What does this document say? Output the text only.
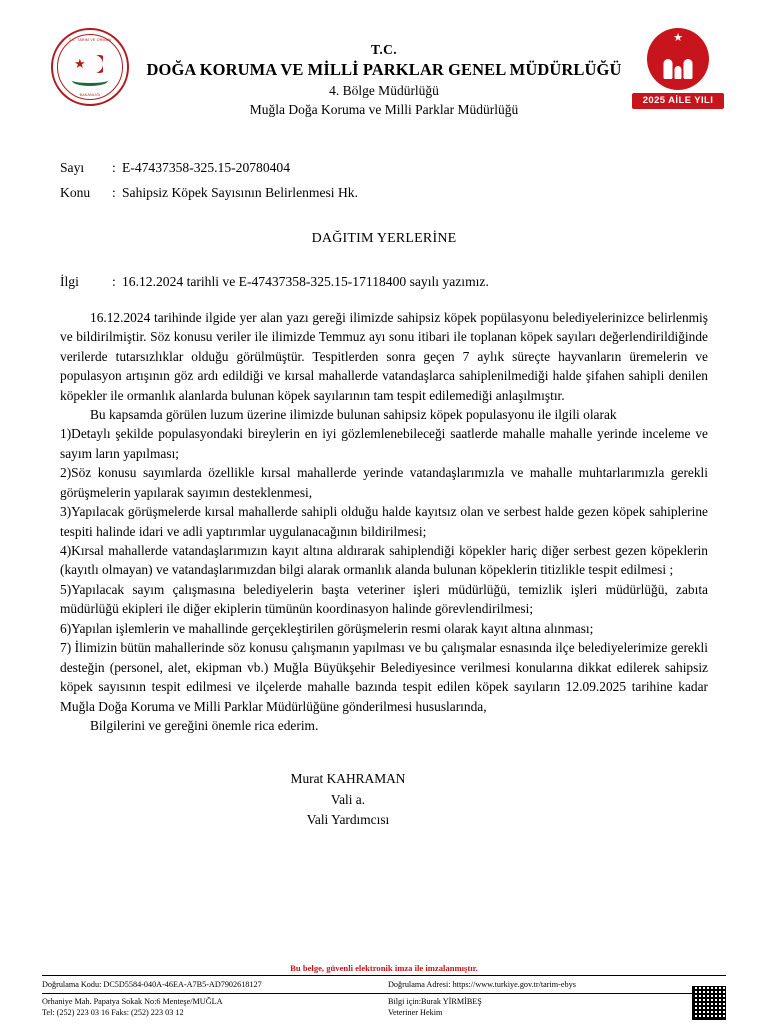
T.C. TARIM VE ORMAN
★
BAKANLIĞI
T.C.
DOĞA KORUMA VE MİLLİ PARKLAR GENEL MÜDÜRLÜĞÜ
4. Bölge Müdürlüğü
Muğla Doğa Koruma ve Milli Parklar Müdürlüğü
★
2025 AİLE YILI
Sayı	: E-47437358-325.15-20780404
Konu	: Sahipsiz Köpek Sayısının Belirlenmesi Hk.
DAĞITIM YERLERİNE
İlgi	: 16.12.2024 tarihli ve E-47437358-325.15-17118400 sayılı yazımız.

16.12.2024 tarihinde ilgide yer alan yazı gereği ilimizde sahipsiz köpek popülasyonu belediyelerinizce belirlenmiş ve bildirilmiştir. Söz konusu veriler ile ilimizde Temmuz ayı sonu itibari ile toplanan köpek sayıları değerlendirildiğinde verilerde tutarsızlıklar olduğu görülmüştür. Tespitlerden sonra geçen 7 aylık süreçte hayvanların üremelerin ve populasyon artışının göz ardı edildiği ve kırsal mahallerde vatandaşlarca sahiplenilmediği halde şifahen sahipli denilen köpekler ile ormanlık alanlarda bulunan köpek sayılarının tam tespit edilemediği anlaşılmıştır.

Bu kapsamda görülen luzum üzerine ilimizde bulunan sahipsiz köpek populasyonu ile ilgili olarak

1)Detaylı şekilde populasyondaki bireylerin en iyi gözlemlenebileceği saatlerde mahalle mahalle yerinde inceleme ve sayım ların yapılması;

2)Söz konusu sayımlarda özellikle kırsal mahallerde yerinde vatandaşlarımızla ve mahalle muhtarlarımızla gerekli görüşmelerin yapılarak sayımın desteklenmesi,

3)Yapılacak görüşmelerde kırsal mahallerde sahipli olduğu halde kayıtsız olan ve serbest halde gezen köpek sahiplerine tespiti halinde idari ve adli yaptırımlar uygulanacağının bildirilmesi;

4)Kırsal mahallerde vatandaşlarımızın kayıt altına aldırarak sahiplendiği köpekler hariç diğer serbest gezen köpeklerin (kayıtlı olmayan) ve vatandaşlarımızdan bilgi alarak ormanlık alanda bulunan köpeklerin titizlikle tespit edilmesi ;

5)Yapılacak sayım çalışmasına belediyelerin başta veteriner işleri müdürlüğü, temizlik işleri müdürlüğü, zabıta müdürlüğü ekipleri ile diğer ekiplerin tümünün koordinasyon halinde görevlendirilmesi;

6)Yapılan işlemlerin ve mahallinde gerçekleştirilen görüşmelerin resmi olarak kayıt altına alınması;

7) İlimizin bütün mahallerinde söz konusu çalışmanın yapılması ve bu çalışmalar esnasında ilçe belediyelerimize gerekli desteğin (personel, alet, ekipman vb.) Muğla Büyükşehir Belediyesince verilmesi konularına dikkat edilerek sahipsiz köpek sayısının tespit edilmesi ve ilçelerde mahalle bazında tespit edilen köpek sayıların 12.09.2025 tarihine kadar Muğla Doğa Koruma ve Milli Parklar Müdürlüğüne gönderilmesi hususlarında,

Bilgilerini ve gereğini önemle rica ederim.

Murat KAHRAMAN
Vali a.
Vali Yardımcısı
Bu belge, güvenli elektronik imza ile imzalanmıştır.
Doğrulama Kodu: DC5D5584-040A-46EA-A7B5-AD7902618127	Doğrulama Adresi: https://www.turkiye.gov.tr/tarim-ebys
Orhaniye Mah. Papatya Sokak No:6 Menteşe/MUĞLA
Tel: (252) 223 03 16 Faks: (252) 223 03 12
Bilgi için:Burak YİRMİBEŞ
Veteriner Hekim
